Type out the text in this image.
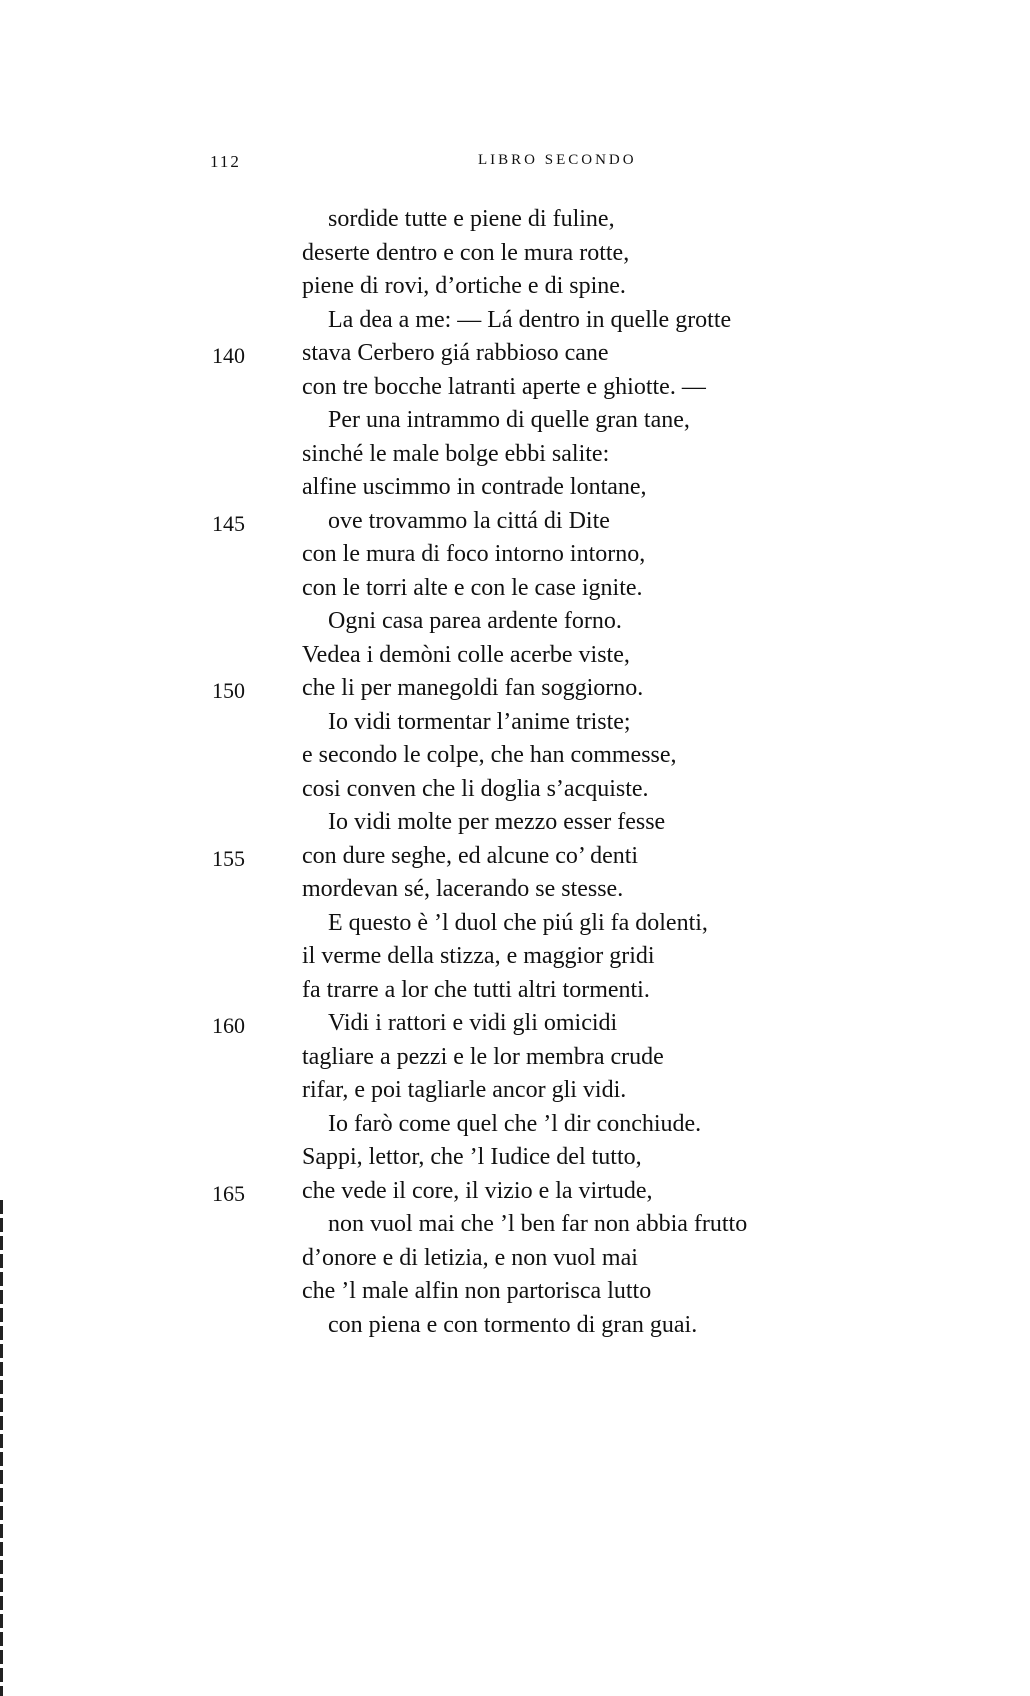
112	LIBRO SECONDO
sordide tutte e piene di fuline,
deserte dentro e con le mura rotte,
piene di rovi, d’ortiche e di spine.
La dea a me: — Lá dentro in quelle grotte
140 stava Cerbero giá rabbioso cane
con tre bocche latranti aperte e ghiotte. —
Per una intrammo di quelle gran tane,
sinché le male bolge ebbi salite:
alfine uscimmo in contrade lontane,
145	ove trovammo la cittá di Dite
con le mura di foco intorno intorno,
con le torri alte e con le case ignite.
Ogni casa parea ardente forno.
Vedea i demòni colle acerbe viste,
150 che li per manegoldi fan soggiorno.
Io vidi tormentar l’anime triste;
e secondo le colpe, che han commesse,
cosi conven che li doglia s’acquiste.
Io vidi molte per mezzo esser fesse
155 con dure seghe, ed alcune co’ denti
mordevan sé, lacerando se stesse.
E questo è ’l duol che piú gli fa dolenti,
il verme della stizza, e maggior gridi
fa trarre a lor che tutti altri tormenti.
160	Vidi i rattori e vidi gli omicidi
tagliare a pezzi e le lor membra crude
rifar, e poi tagliarle ancor gli vidi.
Io farò come quel che ’l dir conchiude.
Sappi, lettor, che ’l Iudice del tutto,
165 che vede il core, il vizio e la virtude,
non vuol mai che ’l ben far non abbia frutto
d’onore e di letizia, e non vuol mai
che ’l male alfin non partorisca lutto
con piena e con tormento di gran guai.
